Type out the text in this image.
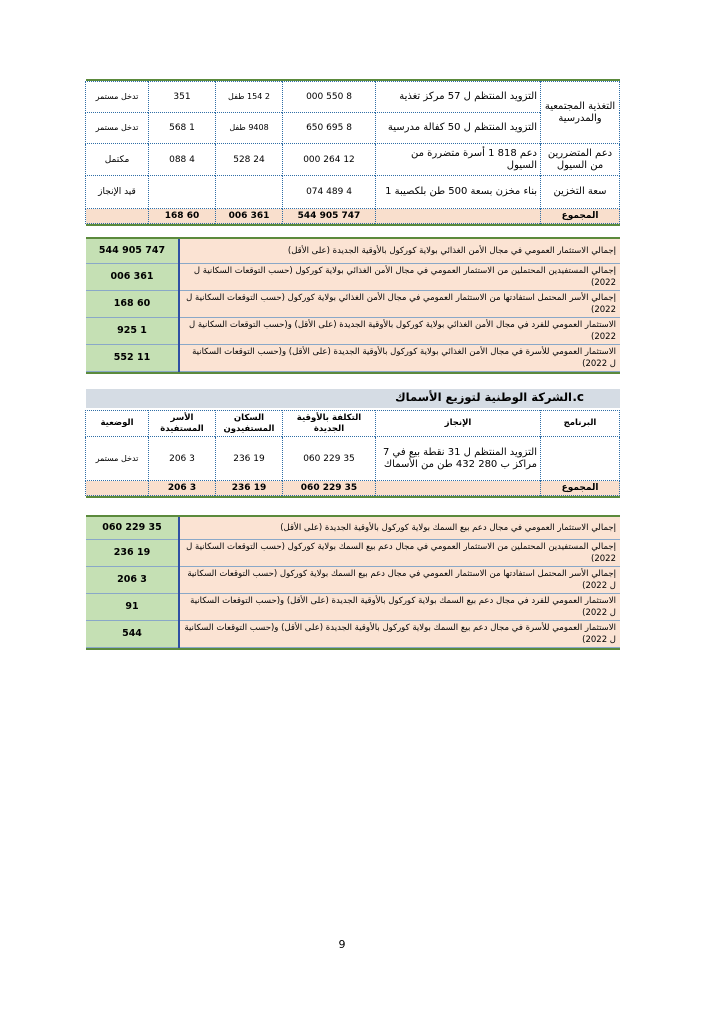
التغذية المجتمعية والمدرسية	التزويد المنتظم ل 57 مركز تغذية	8 550 000	2 154 طفل	351	تدخل مستمر
	التزويد المنتظم ل 50 كفالة مدرسية	8 695 650	9408 طفل	1 568	تدخل مستمر
دعم المتضررين من السيول	دعم 818 1 أسرة متضررة من السيول	12 264 000	24 528	4 088	مكتمل
سعة التخزين	بناء مخزن بسعة 500 طن بلكصيبة 1	4 489 074			قيد الإنجاز
المجموع		747 905 544	361 006	60 168	
إجمالي الاستثمار العمومي في مجال الأمن الغذائي بولاية كوركول بالأوقية الجديدة (على الأقل)	747 905 544
إجمالي المستفيدين المحتملين من الاستثمار العمومي في مجال الأمن الغذائي بولاية كوركول (حسب التوقعات السكانية ل 2022)	361 006
إجمالي الأسر المحتمل استفادتها من الاستثمار العمومي في مجال الأمن الغذائي بولاية كوركول (حسب التوقعات السكانية ل 2022)	60 168
الاستثمار العمومي للفرد في مجال الأمن الغذائي بولاية كوركول بالأوقية الجديدة (على الأقل) و(حسب التوقعات السكانية ل 2022)	1 925
الاستثمار العمومي للأسرة في مجال الأمن الغذائي بولاية كوركول بالأوقية الجديدة (على الأقل) و(حسب التوقعات السكانية ل 2022)	11 552
c.
الشركة الوطنية لتوزيع الأسماك
البرنامج	الإنجاز	التكلفة بالأوقية الجديدة	السكان المستفيدون	الأسر المستفيدة	الوضعية
	التزويد المنتظم ل 31 نقطة بيع في 7 مراكز ب 280 432 طن من الأسماك	35 229 060	19 236	3 206	تدخل مستمر
المجموع		35 229 060	19 236	3 206	
إجمالي الاستثمار العمومي في مجال دعم بيع السمك بولاية كوركول بالأوقية الجديدة (على الأقل)	35 229 060
إجمالي المستفيدين المحتملين من الاستثمار العمومي في مجال دعم بيع السمك بولاية كوركول (حسب التوقعات السكانية ل 2022)	19 236
إجمالي الأسر المحتمل استفادتها من الاستثمار العمومي في مجال دعم بيع السمك بولاية كوركول (حسب التوقعات السكانية ل 2022)	3 206
الاستثمار العمومي للفرد في مجال دعم بيع السمك بولاية كوركول بالأوقية الجديدة (على الأقل) و(حسب التوقعات السكانية ل 2022)	91
الاستثمار العمومي للأسرة في مجال دعم بيع السمك بولاية كوركول بالأوقية الجديدة (على الأقل) و(حسب التوقعات السكانية ل 2022)	544
9
